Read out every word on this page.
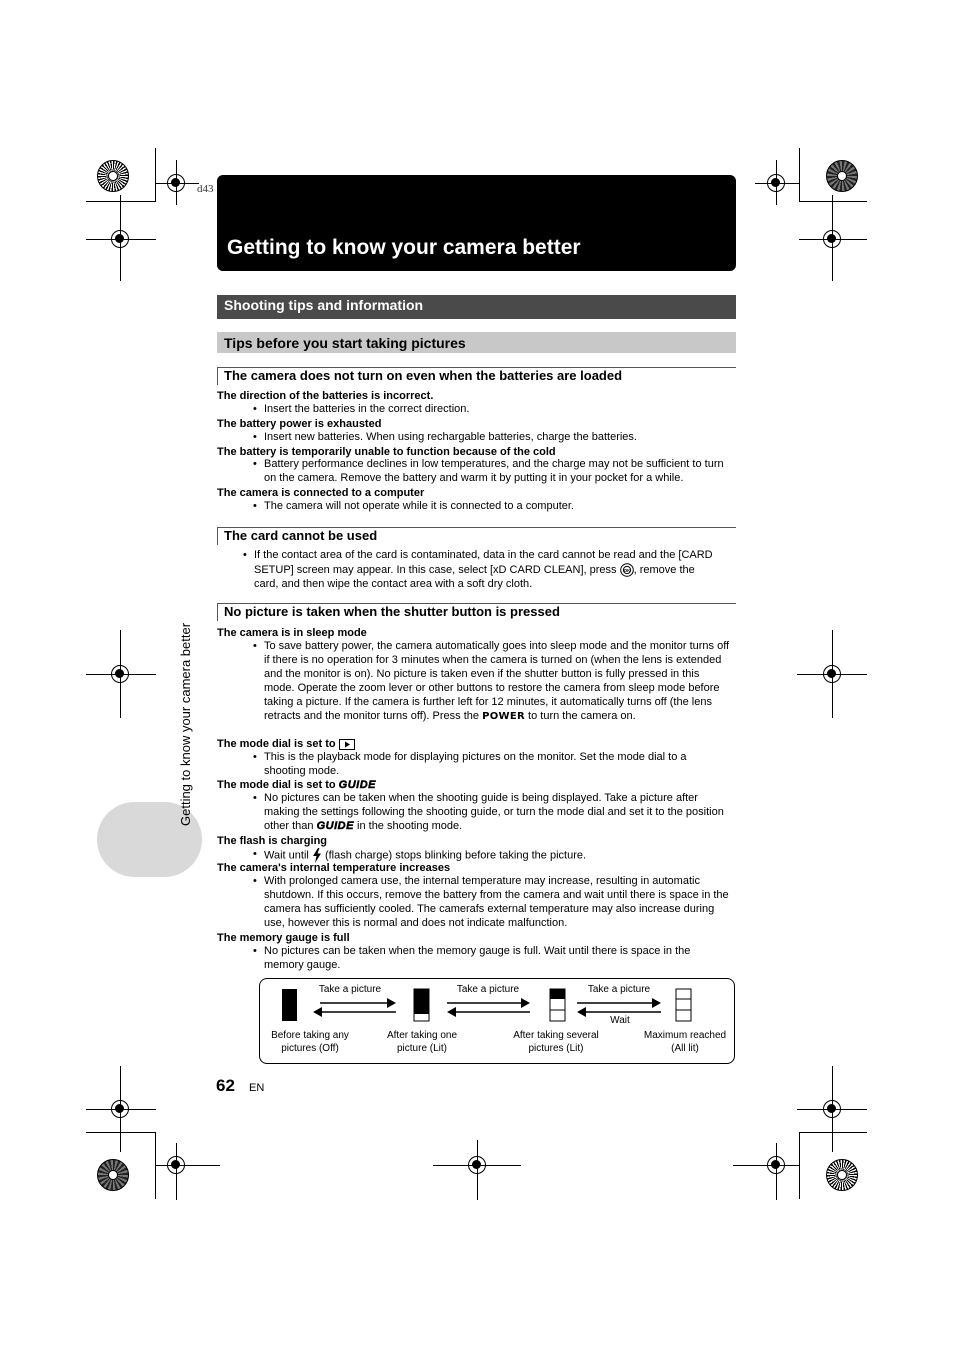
d43
Getting to know your camera better
Shooting tips and information
Tips before you start taking pictures
The camera does not turn on even when the batteries are loaded
The direction of the batteries is incorrect.
• Insert the batteries in the correct direction.
The battery power is exhausted
• Insert new batteries. When using rechargable batteries, charge the batteries.
The battery is temporarily unable to function because of the cold
• Battery performance declines in low temperatures, and the charge may not be sufficient to turn on the camera. Remove the battery and warm it by putting it in your pocket for a while.
The camera is connected to a computer
• The camera will not operate while it is connected to a computer.
The card cannot be used
• If the contact area of the card is contaminated, data in the card cannot be read and the [CARD SETUP] screen may appear. In this case, select [xD CARD CLEAN], press OK , remove the card, and then wipe the contact area with a soft dry cloth.
No picture is taken when the shutter button is pressed
The camera is in sleep mode
• To save battery power, the camera automatically goes into sleep mode and the monitor turns off if there is no operation for 3 minutes when the camera is turned on (when the lens is extended and the monitor is on). No picture is taken even if the shutter button is fully pressed in this mode. Operate the zoom lever or other buttons to restore the camera from sleep mode before taking a picture. If the camera is further left for 12 minutes, it automatically turns off (the lens retracts and the monitor turns off). Press the POWER to turn the camera on.
The mode dial is set to
• This is the playback mode for displaying pictures on the monitor. Set the mode dial to a shooting mode.
The mode dial is set to GUIDE
• No pictures can be taken when the shooting guide is being displayed. Take a picture after making the settings following the shooting guide, or turn the mode dial and set it to the position other than GUIDE in the shooting mode.
The flash is charging
• Wait until (flash charge) stops blinking before taking the picture.
The camera's internal temperature increases
• With prolonged camera use, the internal temperature may increase, resulting in automatic shutdown. If this occurs, remove the battery from the camera and wait until there is space in the camera has sufficiently cooled. The camerafs external temperature may also increase during use, however this is normal and does not indicate malfunction.
The memory gauge is full
• No pictures can be taken when the memory gauge is full. Wait until there is space in the memory gauge.
Take a picture	Take a picture	Take a picture
Wait
Before taking any
pictures (Off)
After taking one
picture (Lit)
After taking several
pictures (Lit)
Maximum reached
(All lit)
Getting to know your camera better
62 EN
